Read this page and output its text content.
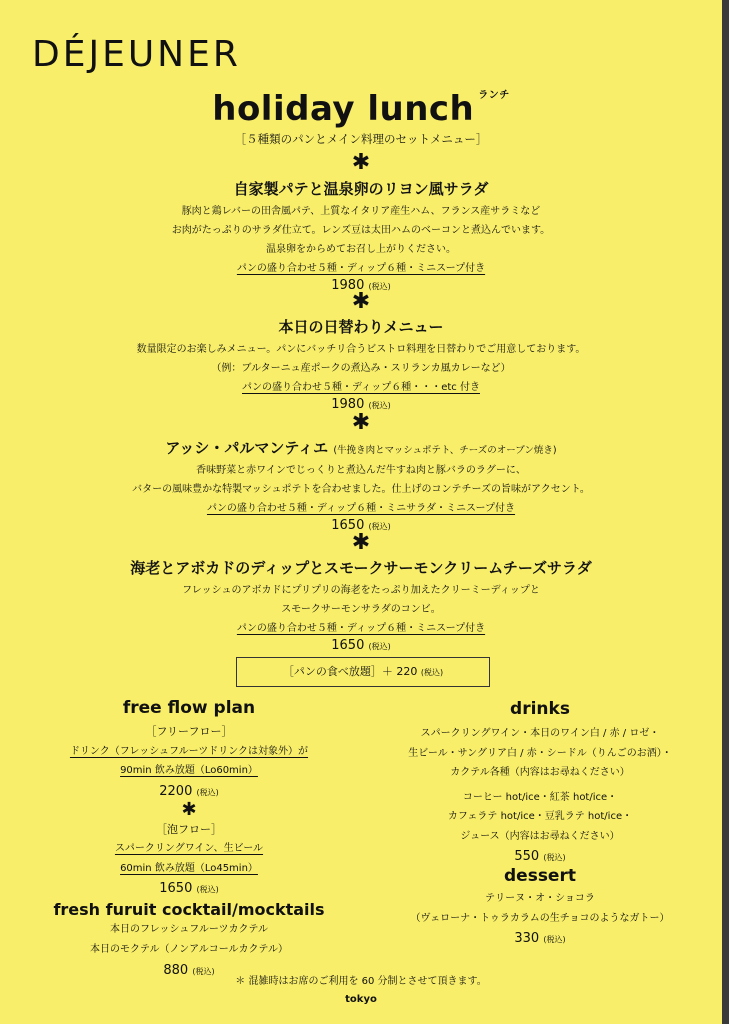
DÉJEUNER
holiday lunch $^{ランチ}$
［５種類のパンとメイン料理のセットメニュー］
✱
自家製パテと温泉卵のリヨン風サラダ
豚肉と鶏レバーの田舎風パテ、上質なイタリア産生ハム、フランス産サラミなど
お肉がたっぷりのサラダ仕立て。レンズ豆は太田ハムのベーコンと煮込んでいます。
温泉卵をからめてお召し上がりください。
パンの盛り合わせ５種・ディップ６種・ミニスープ付き
1980 (税込)
✱
本日の日替わりメニュー
数量限定のお楽しみメニュー。パンにバッチリ合うビストロ料理を日替わりでご用意しております。
（例：ブルターニュ産ポークの煮込み・スリランカ風カレーなど）
パンの盛り合わせ５種・ディップ６種・・・etc 付き
1980 (税込)
✱
アッシ・パルマンティエ (牛挽き肉とマッシュポテト、チーズのオーブン焼き)
香味野菜と赤ワインでじっくりと煮込んだ牛すね肉と豚バラのラグーに、
バターの風味豊かな特製マッシュポテトを合わせました。仕上げのコンテチーズの旨味がアクセント。
パンの盛り合わせ５種・ディップ６種・ミニサラダ・ミニスープ付き
1650 (税込)
✱
海老とアボカドのディップとスモークサーモンクリームチーズサラダ
フレッシュのアボカドにプリプリの海老をたっぷり加えたクリーミーディップと
スモークサーモンサラダのコンビ。
パンの盛り合わせ５種・ディップ６種・ミニスープ付き
1650 (税込)
［パンの食べ放題］＋ 220 (税込)
free flow plan
［フリーフロー］
ドリンク（フレッシュフルーツドリンクは対象外）が
90min 飲み放題（Lo60min）
2200 (税込)
✱
［泡フロー］
スパークリングワイン、生ビール
60min 飲み放題（Lo45min）
1650 (税込)
fresh furuit cocktail/mocktails
本日のフレッシュフルーツカクテル
本日のモクテル（ノンアルコールカクテル）
880 (税込)
drinks
スパークリングワイン・本日のワイン白 / 赤 / ロゼ・
生ビール・サングリア白 / 赤・シードル（りんごのお酒）・
カクテル各種（内容はお尋ねください）
コーヒー hot/ice・紅茶 hot/ice・
カフェラテ hot/ice・豆乳ラテ hot/ice・
ジュース（内容はお尋ねください）
550 (税込)
dessert
テリーヌ・オ・ショコラ
（ヴェローナ・トゥラカラムの生チョコのようなガトー）
330 (税込)
＊ 混雑時はお席のご利用を 60 分制とさせて頂きます。
tokyo
